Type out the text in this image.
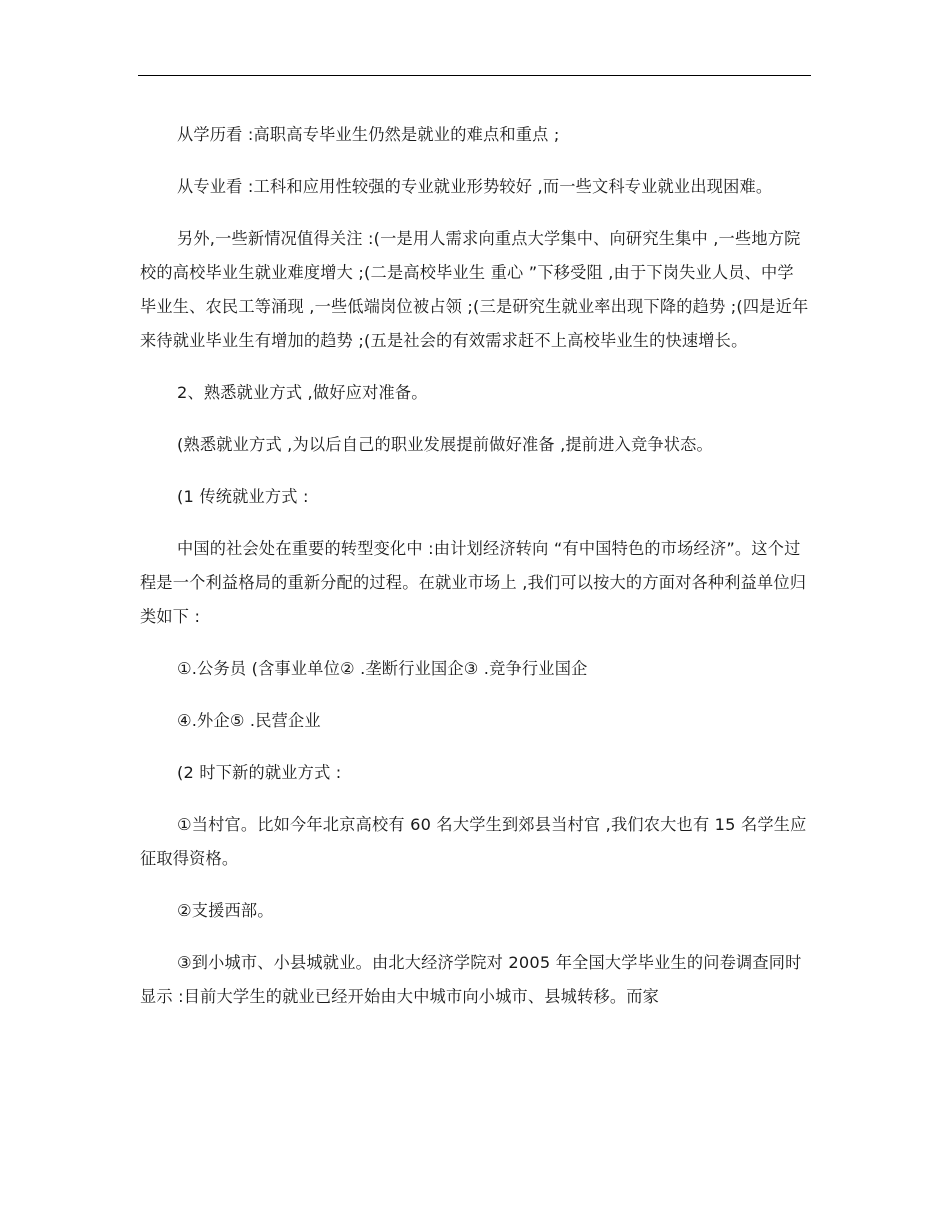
从学历看 :高职高专毕业生仍然是就业的难点和重点 ;

从专业看 :工科和应用性较强的专业就业形势较好 ,而一些文科专业就业出现困难。

另外,一些新情况值得关注 :(一是用人需求向重点大学集中、向研究生集中 ,一些地方院校的高校毕业生就业难度增大 ;(二是高校毕业生 重心 ”下移受阻 ,由于下岗失业人员、中学毕业生、农民工等涌现 ,一些低端岗位被占领 ;(三是研究生就业率出现下降的趋势 ;(四是近年来待就业毕业生有增加的趋势 ;(五是社会的有效需求赶不上高校毕业生的快速增长。

2、熟悉就业方式 ,做好应对准备。

(熟悉就业方式 ,为以后自己的职业发展提前做好准备 ,提前进入竞争状态。

(1 传统就业方式 :

中国的社会处在重要的转型变化中 :由计划经济转向 “有中国特色的市场经济”。这个过程是一个利益格局的重新分配的过程。在就业市场上 ,我们可以按大的方面对各种利益单位归类如下 :

①.公务员 (含事业单位② .垄断行业国企③ .竞争行业国企

④.外企⑤ .民营企业

(2 时下新的就业方式 :

①当村官。比如今年北京高校有 60 名大学生到郊县当村官 ,我们农大也有 15 名学生应征取得资格。

②支援西部。

③到小城市、小县城就业。由北大经济学院对 2005 年全国大学毕业生的问卷调查同时显示 :目前大学生的就业已经开始由大中城市向小城市、县城转移。而家
